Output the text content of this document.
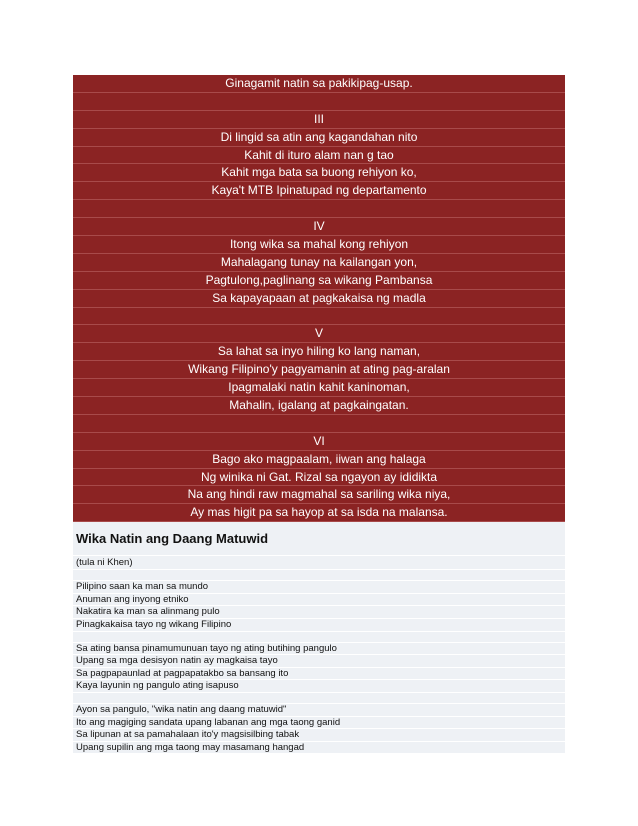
Ginagamit natin sa pakikipag-usap.
III
Di lingid sa atin ang kagandahan nito
Kahit di ituro alam nan g tao
Kahit mga bata sa buong rehiyon ko,
Kaya't MTB Ipinatupad ng departamento
IV
Itong wika sa mahal kong rehiyon
Mahalagang tunay na kailangan yon,
Pagtulong,paglinang sa wikang Pambansa
Sa kapayapaan at pagkakaisa ng madla
V
Sa lahat sa inyo hiling ko lang naman,
Wikang Filipino'y pagyamanin at ating pag-aralan
Ipagmalaki natin kahit kaninoman,
Mahalin, igalang at pagkaingatan.
VI
Bago ako magpaalam, iiwan ang halaga
Ng winika ni Gat. Rizal sa ngayon ay ididikta
Na ang hindi raw magmahal sa sariling wika niya,
Ay mas higit pa sa hayop at sa isda na malansa.
Wika Natin ang Daang Matuwid
(tula ni Khen)
Pilipino saan ka man sa mundo
Anuman ang inyong etniko
Nakatira ka man sa alinmang pulo
Pinagkakaisa tayo ng wikang Filipino
Sa ating bansa pinamumunuan tayo ng ating butihing pangulo
Upang sa mga desisyon natin ay magkaisa tayo
Sa pagpapaunlad at pagpapatakbo sa bansang ito
Kaya layunin ng pangulo ating isapuso
Ayon sa pangulo, "wika natin ang daang matuwid"
Ito ang magiging sandata upang labanan ang mga taong ganid
Sa lipunan at sa pamahalaan ito'y magsisilbing tabak
Upang supilin ang mga taong may masamang hangad
